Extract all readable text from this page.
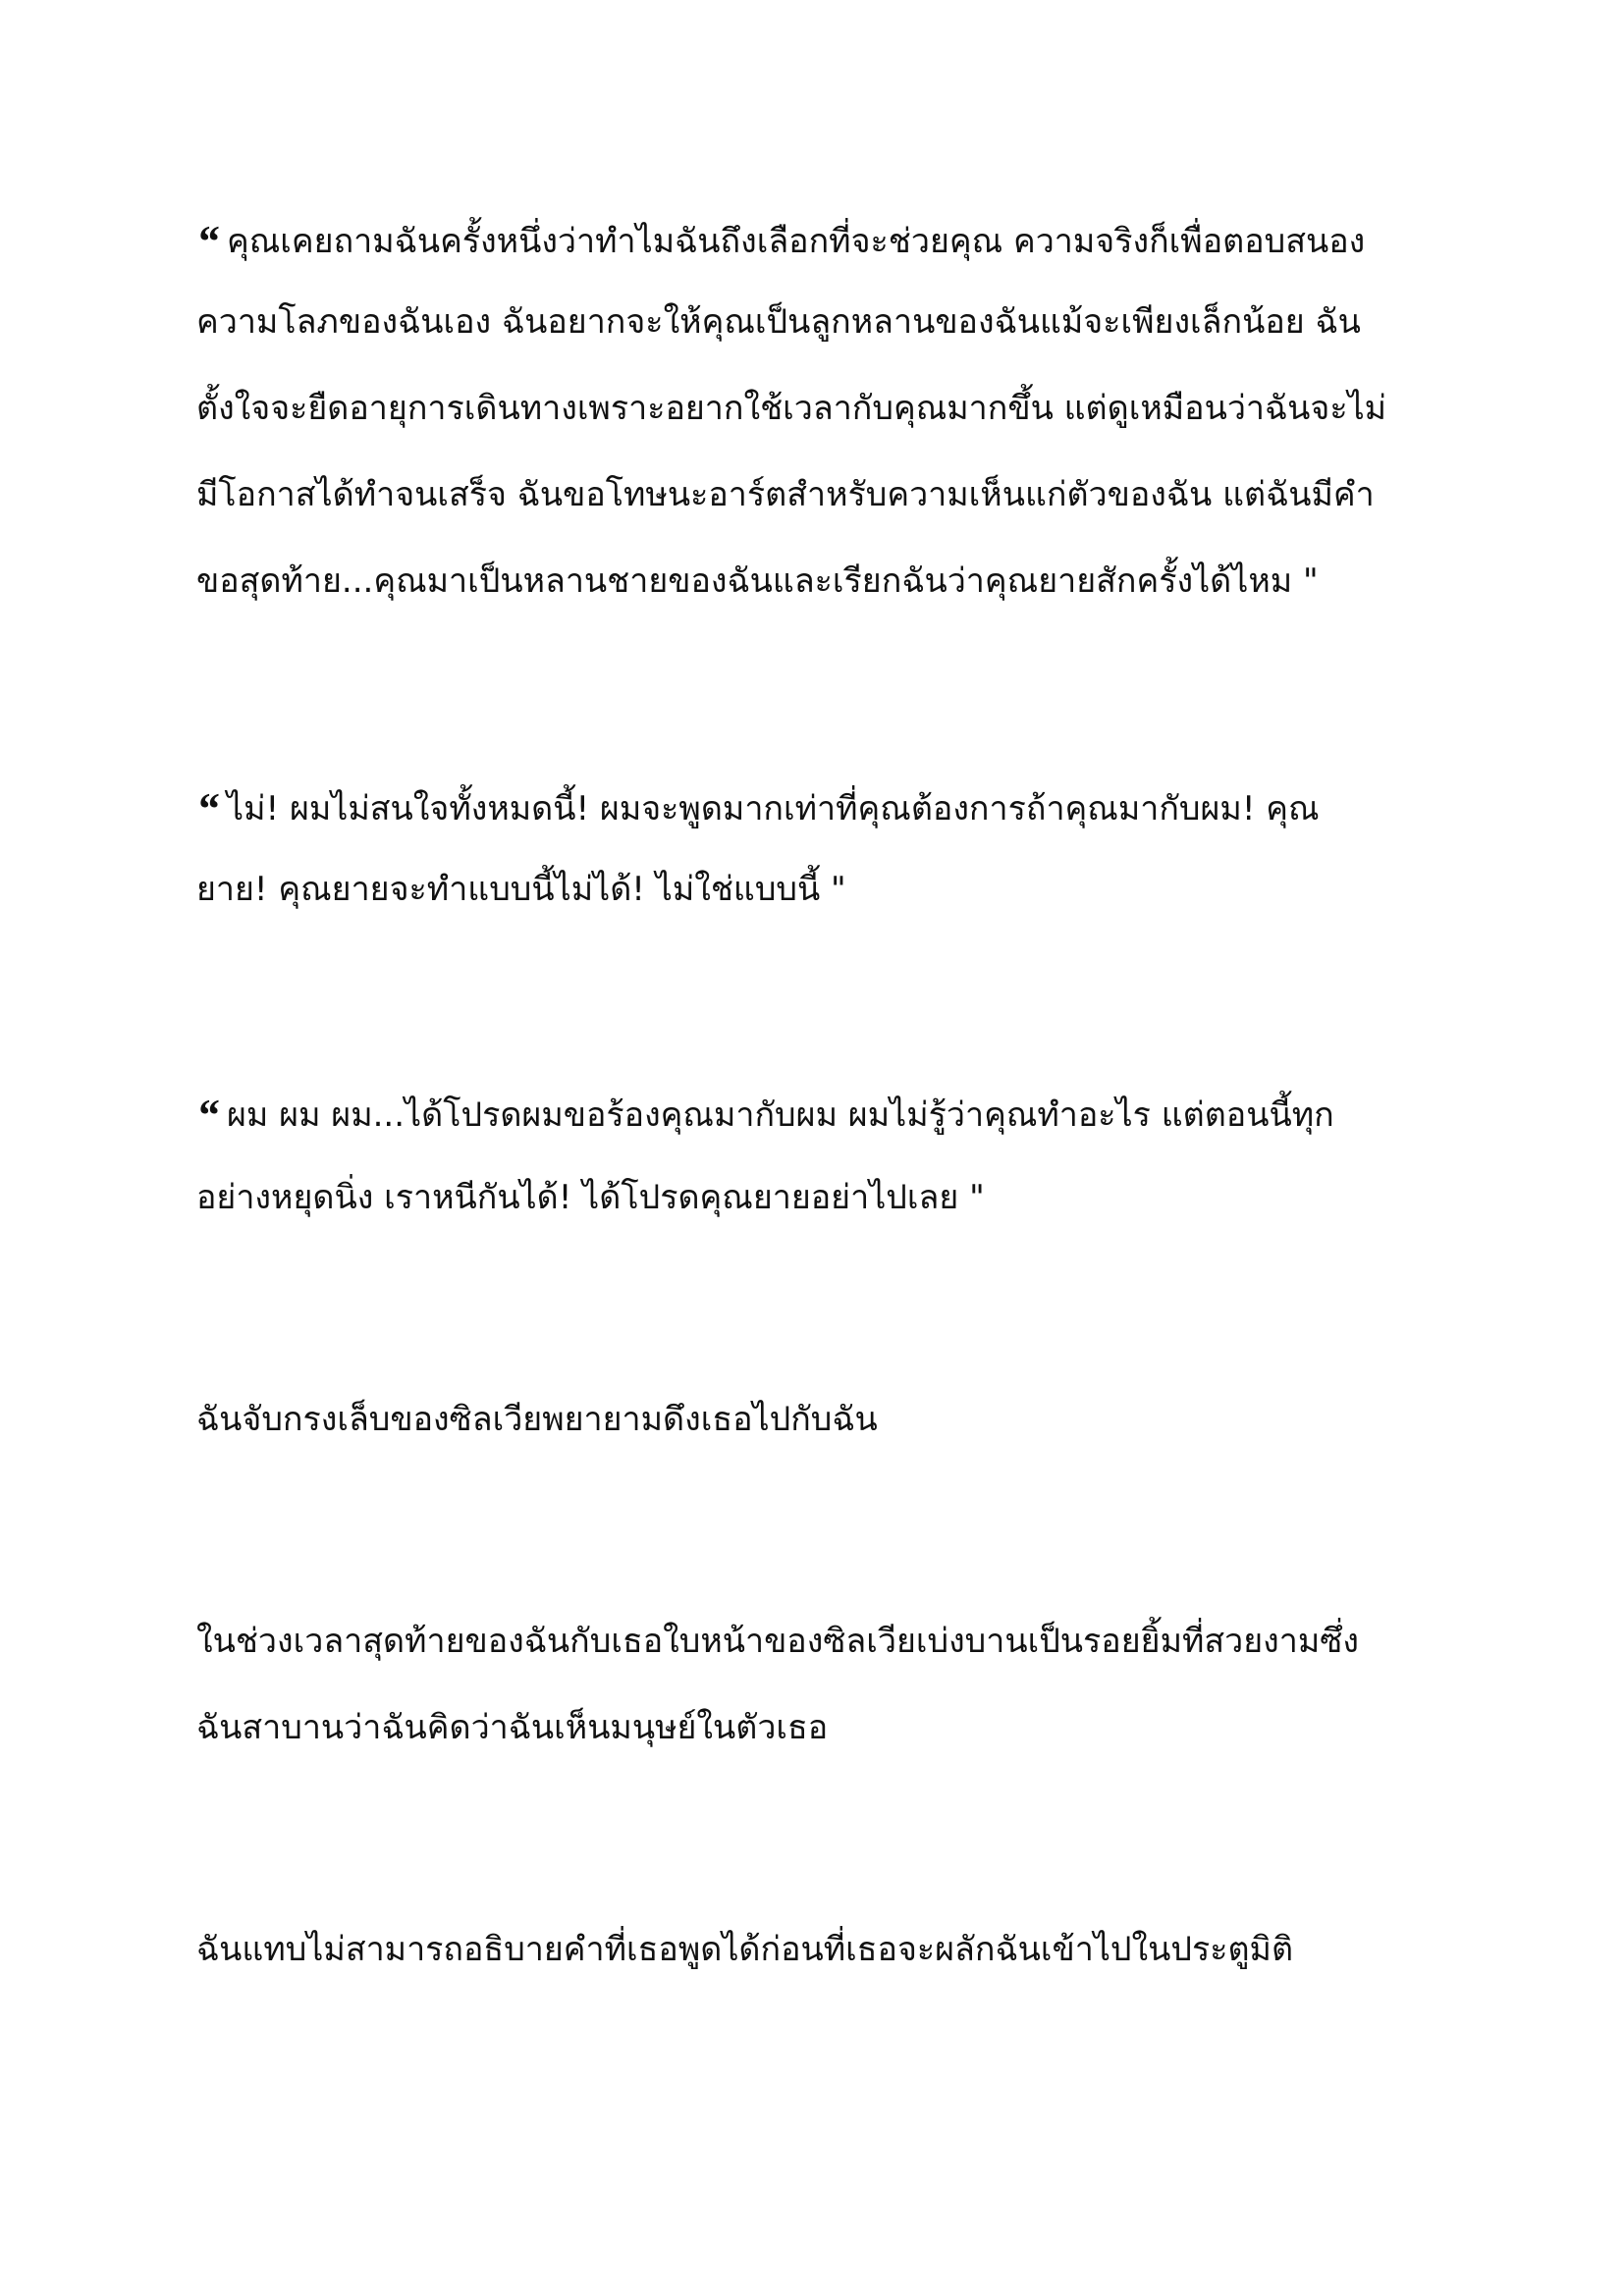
“ คุณเคยถามฉันครั้งหนึ่งว่าทำไมฉันถึงเลือกที่จะช่วยคุณ ความจริงก็เพื่อตอบสนอง
ความโลภของฉันเอง ฉันอยากจะให้คุณเป็นลูกหลานของฉันแม้จะเพียงเล็กน้อย ฉัน
ตั้งใจจะยืดอายุการเดินทางเพราะอยากใช้เวลากับคุณมากขึ้น แต่ดูเหมือนว่าฉันจะไม่
มีโอกาสได้ทำจนเสร็จ ฉันขอโทษนะอาร์ตสำหรับความเห็นแก่ตัวของฉัน แต่ฉันมีคำ
ขอสุดท้าย...คุณมาเป็นหลานชายของฉันและเรียกฉันว่าคุณยายสักครั้งได้ไหม "
“ ไม่! ผมไม่สนใจทั้งหมดนี้! ผมจะพูดมากเท่าที่คุณต้องการถ้าคุณมากับผม! คุณ
ยาย! คุณยายจะทำแบบนี้ไม่ได้! ไม่ใช่แบบนี้ "
“ ผม ผม ผม...ได้โปรดผมขอร้องคุณมากับผม ผมไม่รู้ว่าคุณทำอะไร แต่ตอนนี้ทุก
อย่างหยุดนิ่ง เราหนีกันได้! ได้โปรดคุณยายอย่าไปเลย "
ฉันจับกรงเล็บของซิลเวียพยายามดึงเธอไปกับฉัน
ในช่วงเวลาสุดท้ายของฉันกับเธอใบหน้าของซิลเวียเบ่งบานเป็นรอยยิ้มที่สวยงามซึ่ง
ฉันสาบานว่าฉันคิดว่าฉันเห็นมนุษย์ในตัวเธอ
ฉันแทบไม่สามารถอธิบายคำที่เธอพูดได้ก่อนที่เธอจะผลักฉันเข้าไปในประตูมิติ
